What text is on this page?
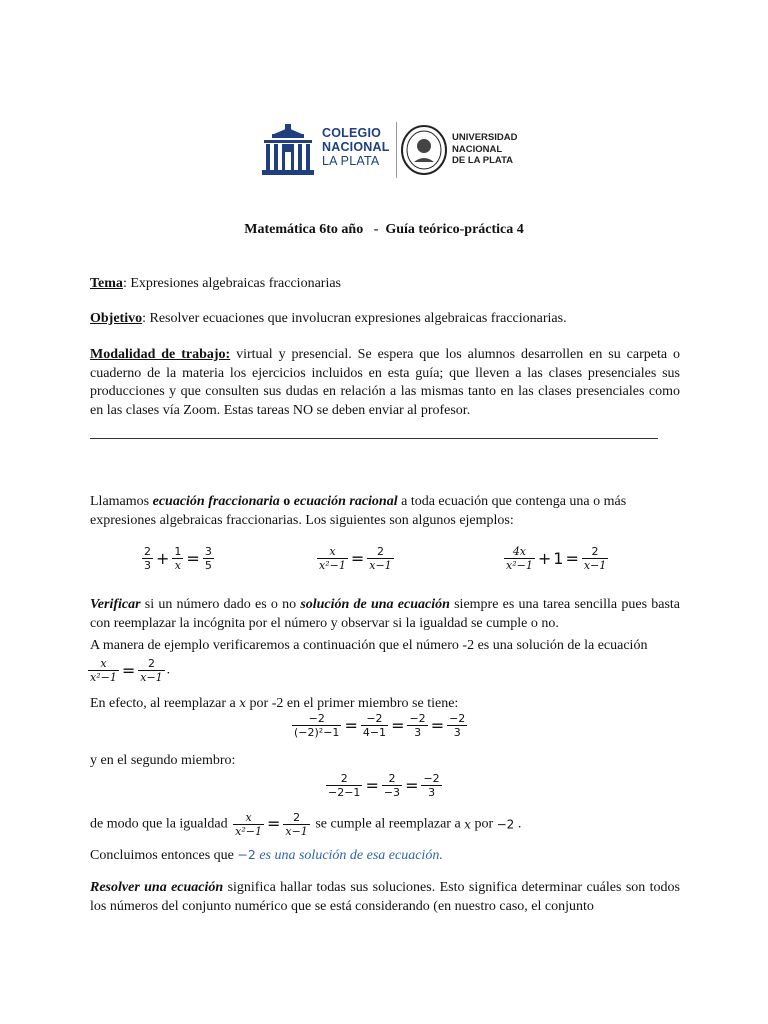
COLEGIO
NACIONAL
LA PLATA
UNIVERSIDAD
NACIONAL
DE LA PLATA
Matemática 6to año   -  Guía teórico-práctica 4
Tema: Expresiones algebraicas fraccionarias
Objetivo: Resolver ecuaciones que involucran expresiones algebraicas fraccionarias.
Modalidad de trabajo: virtual y presencial. Se espera que los alumnos desarrollen en su carpeta o cuaderno de la materia los ejercicios incluidos en esta guía; que lleven a las clases presenciales sus producciones y que consulten sus dudas en relación a las mismas tanto en las clases presenciales como en las clases vía Zoom. Estas tareas NO se deben enviar al profesor.
Llamamos ecuación fraccionaria o ecuación racional a toda ecuación que contenga una o más expresiones algebraicas fraccionarias. Los siguientes son algunos ejemplos:
$\frac{2}{3} + \frac{1}{x} = \frac{3}{5}$	$\frac{x}{\text{x²−1}} = \frac{2}{x-1}$	$\frac{4x}{\text{x²−1}} + 1 = \frac{2}{x-1}$
Verificar si un número dado es o no solución de una ecuación siempre es una tarea sencilla pues basta con reemplazar la incógnita por el número y observar si la igualdad se cumple o no.
A manera de ejemplo verificaremos a continuación que el número -2 es una solución de la ecuación
$\frac{x}{\text{x²−1}} = \frac{2}{x-1}$ .
En efecto, al reemplazar a x por -2 en el primer miembro se tiene:
$\frac{-2}{\text{(−2)²−1}} = \frac{-2}{4-1} = \frac{-2}{3} = \frac{-2}{3}$
y en el segundo miembro:
$\frac{2}{-2-1} = \frac{2}{-3} = \frac{-2}{3}$
de modo que la igualdad $\frac{x}{\text{x²−1}} = \frac{2}{x-1}$ se cumple al reemplazar a x por −2 .
Concluimos entonces que −2 es una solución de esa ecuación.
Resolver una ecuación significa hallar todas sus soluciones. Esto significa determinar cuáles son todos los números del conjunto numérico que se está considerando (en nuestro caso, el conjunto
